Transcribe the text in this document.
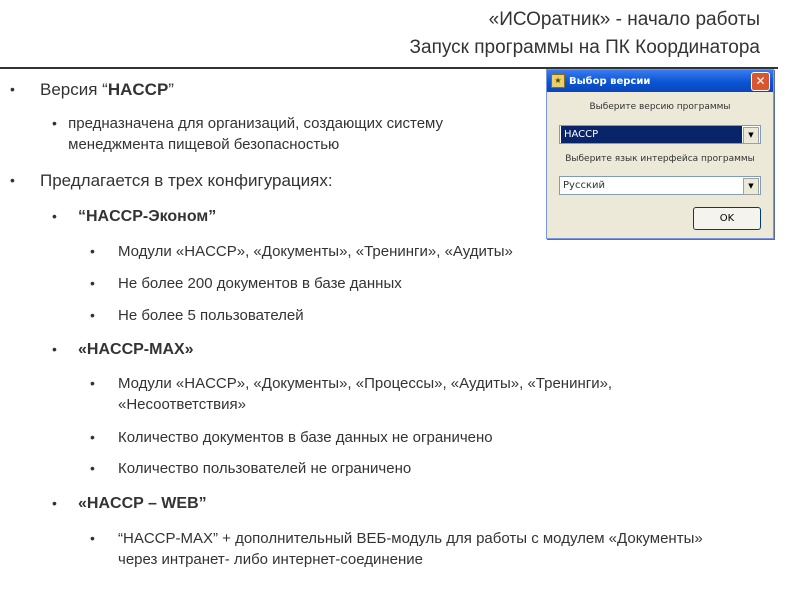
«ИСОратник» - начало работы
Запуск программы на ПК Координатора
•	Версия “HACCP”
• предназначена для организаций, создающих систему менеджмента пищевой безопасностью
•	Предлагается в трех конфигурациях:
•	“HACCP-Эконом”
•	Модули «HACCP», «Документы», «Тренинги», «Аудиты»
•	Не более 200 документов в базе данных
•	Не более 5 пользователей
•	«HACCP-MAX»
•	Модули «HACCP», «Документы», «Процессы», «Аудиты», «Тренинги», «Несоответствия»
•	Количество документов в базе данных не ограничено
•	Количество пользователей не ограничено
•	«HACCP – WEB”
•	“HACCP-MAX” + дополнительный ВЕБ-модуль для работы с модулем «Документы» через интранет- либо интернет-соединение
★ Выбор версии	✕
Выберите версию программы
HACCP	▼
Выберите язык интерфейса программы
Русский	▼
OK
